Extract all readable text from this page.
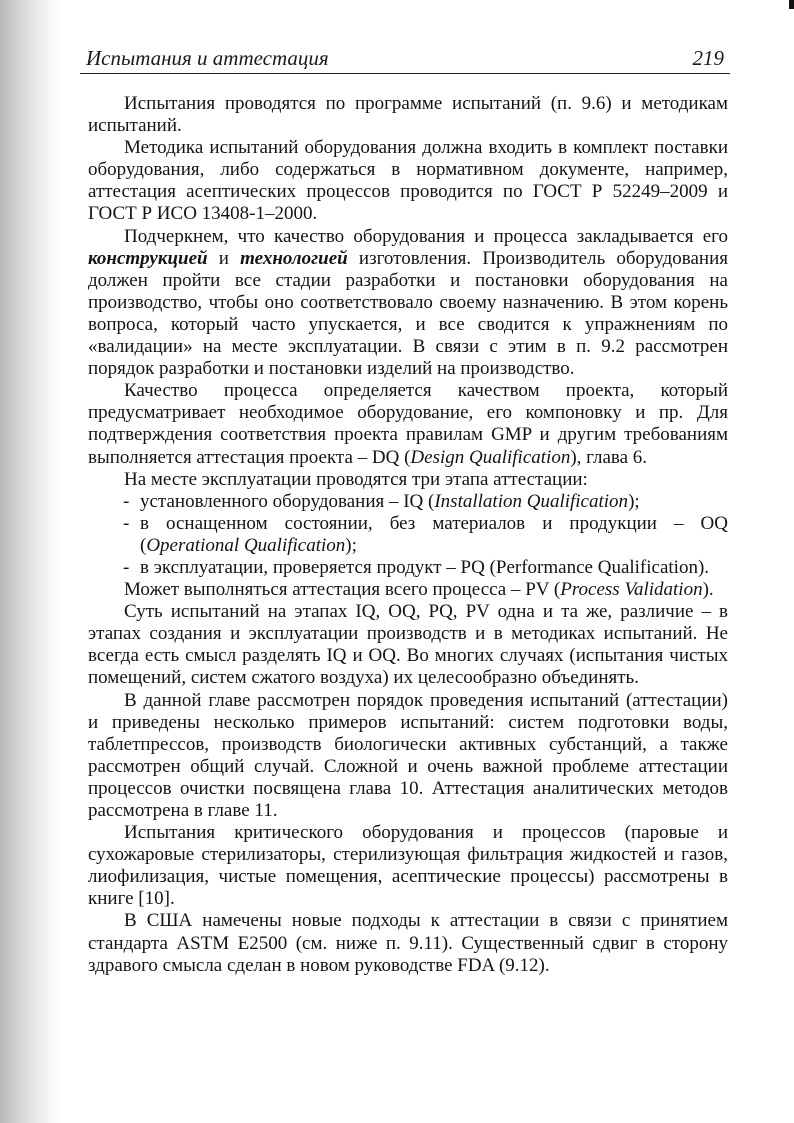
Испытания и аттестация	219

Испытания проводятся по программе испытаний (п. 9.6) и методикам испытаний.

Методика испытаний оборудования должна входить в комплект поставки оборудования, либо содержаться в нормативном документе, например, аттестация асептических процессов проводится по ГОСТ Р 52249–2009 и ГОСТ Р ИСО 13408-1–2000.

Подчеркнем, что качество оборудования и процесса закладывается его конструкцией и технологией изготовления. Производитель оборудования должен пройти все стадии разработки и постановки оборудования на производство, чтобы оно соответствовало своему назначению. В этом корень вопроса, который часто упускается, и все сводится к упражнениям по «валидации» на месте эксплуатации. В связи с этим в п. 9.2 рассмотрен порядок разработки и постановки изделий на производство.

Качество процесса определяется качеством проекта, который предусматривает необходимое оборудование, его компоновку и пр. Для подтверждения соответствия проекта правилам GMP и другим требованиям выполняется аттестация проекта – DQ (Design Qualification), глава 6.

На месте эксплуатации проводятся три этапа аттестации:

- установленного оборудования – IQ (Installation Qualification);

- в оснащенном состоянии, без материалов и продукции – OQ (Operational Qualification);

- в эксплуатации, проверяется продукт – PQ (Performance Qualification).

Может выполняться аттестация всего процесса – PV (Process Validation).

Суть испытаний на этапах IQ, OQ, PQ, PV одна и та же, различие – в этапах создания и эксплуатации производств и в методиках испытаний. Не всегда есть смысл разделять IQ и OQ. Во многих случаях (испытания чистых помещений, систем сжатого воздуха) их целесообразно объединять.

В данной главе рассмотрен порядок проведения испытаний (аттестации) и приведены несколько примеров испытаний: систем подготовки воды, таблетпрессов, производств биологически активных субстанций, а также рассмотрен общий случай. Сложной и очень важной проблеме аттестации процессов очистки посвящена глава 10. Аттестация аналитических методов рассмотрена в главе 11.

Испытания критического оборудования и процессов (паровые и сухожаровые стерилизаторы, стерилизующая фильтрация жидкостей и газов, лиофилизация, чистые помещения, асептические процессы) рассмотрены в книге [10].

В США намечены новые подходы к аттестации в связи с принятием стандарта ASTM E2500 (см. ниже п. 9.11). Существенный сдвиг в сторону здравого смысла сделан в новом руководстве FDA (9.12).
